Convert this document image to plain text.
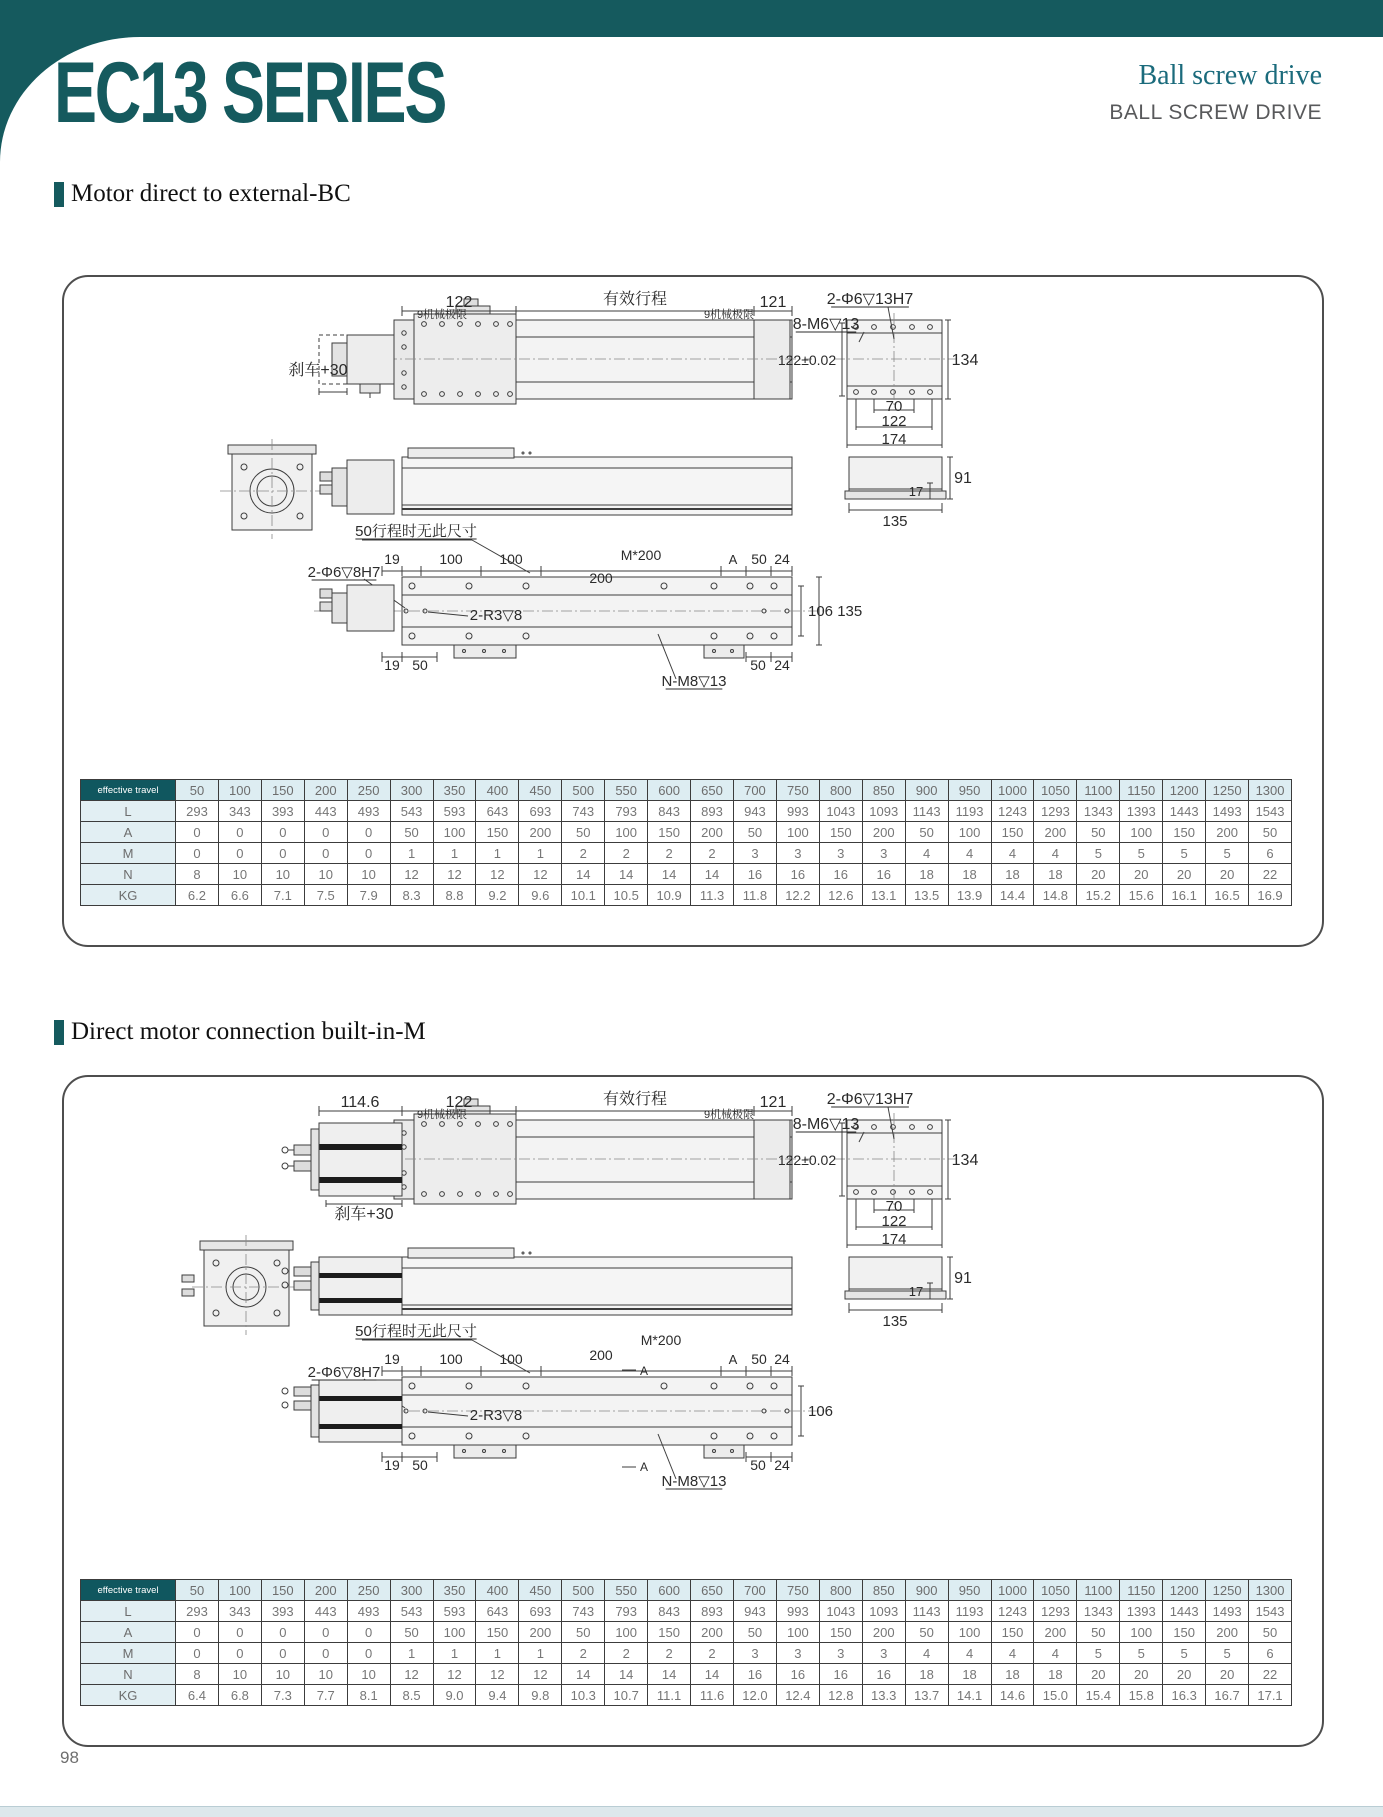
EC13 SERIES	Ball screw drive
BALL SCREW DRIVE
Motor direct to external-BC
122	有效行程	121	2-Φ6▽13H7
8-M6▽13
9机械极限	9机械极限
刹车+30
122±0.02	134
70
122
174
17
91
135
50行程时无此尺寸
19	100	100	M*200	A 50 24
200
2-Φ6▽8H7
2-R3▽8	106 135
19 50	50 24
N-M8▽13
effective travel	50	100	150	200	250	300	350	400	450	500	550	600	650	700	750	800	850	900	950	1000	1050	1100	1150	1200	1250	1300
L	293	343	393	443	493	543	593	643	693	743	793	843	893	943	993	1043	1093	1143	1193	1243	1293	1343	1393	1443	1493	1543
A	0	0	0	0	0	50	100	150	200	50	100	150	200	50	100	150	200	50	100	150	200	50	100	150	200	50
M	0	0	0	0	0	1	1	1	1	2	2	2	2	3	3	3	3	4	4	4	4	5	5	5	5	6
N	8	10	10	10	10	12	12	12	12	14	14	14	14	16	16	16	16	18	18	18	18	20	20	20	20	22
KG	6.2	6.6	7.1	7.5	7.9	8.3	8.8	9.2	9.6	10.1	10.5	10.9	11.3	11.8	12.2	12.6	13.1	13.5	13.9	14.4	14.8	15.2	15.6	16.1	16.5	16.9
Direct motor connection built-in-M
114.6	122	有效行程	121	2-Φ6▽13H7
8-M6▽13
9机械极限	9机械极限
刹车+30
122±0.02	134
70
122
174
17
91
135
50行程时无此尺寸
19	100	100	200
M*200
A 50 24
2-Φ6▽8H7
2-R3▽8	106
A
A
19 50	50 24
N-M8▽13
effective travel	50	100	150	200	250	300	350	400	450	500	550	600	650	700	750	800	850	900	950	1000	1050	1100	1150	1200	1250	1300
L	293	343	393	443	493	543	593	643	693	743	793	843	893	943	993	1043	1093	1143	1193	1243	1293	1343	1393	1443	1493	1543
A	0	0	0	0	0	50	100	150	200	50	100	150	200	50	100	150	200	50	100	150	200	50	100	150	200	50
M	0	0	0	0	0	1	1	1	1	2	2	2	2	3	3	3	3	4	4	4	4	5	5	5	5	6
N	8	10	10	10	10	12	12	12	12	14	14	14	14	16	16	16	16	18	18	18	18	20	20	20	20	22
KG	6.4	6.8	7.3	7.7	8.1	8.5	9.0	9.4	9.8	10.3	10.7	11.1	11.6	12.0	12.4	12.8	13.3	13.7	14.1	14.6	15.0	15.4	15.8	16.3	16.7	17.1
98
